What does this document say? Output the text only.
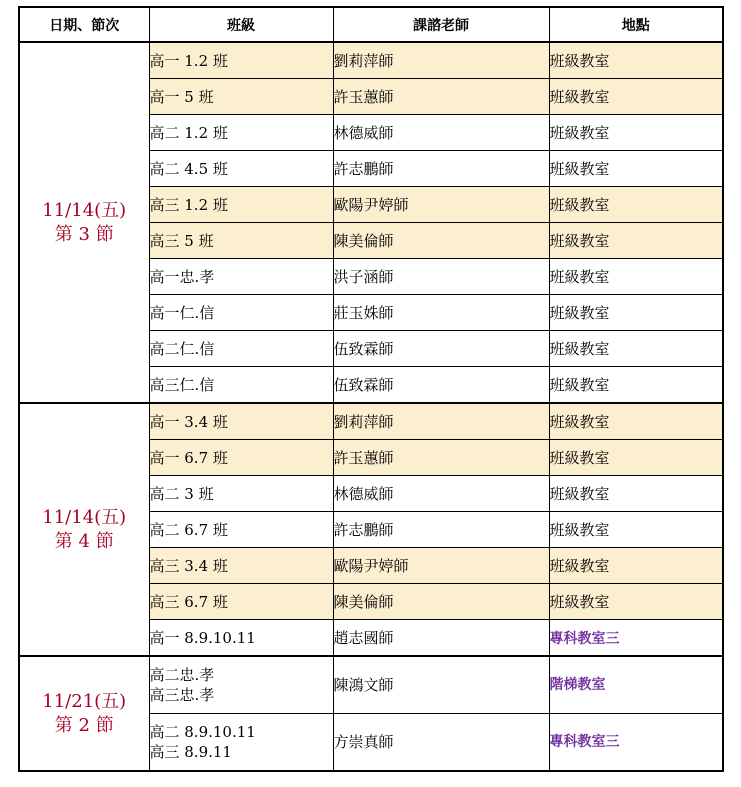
日期、節次	班級	課諮老師	地點

11/14(五)
第 3 節	高一 1.2 班	劉莉萍師	班級教室

	高一 5 班	許玉蕙師	班級教室

	高二 1.2 班	林德威師	班級教室

	高二 4.5 班	許志鵬師	班級教室

	高三 1.2 班	歐陽尹婷師	班級教室

	高三 5 班	陳美倫師	班級教室

	高一忠.孝	洪子涵師	班級教室

	高一仁.信	莊玉姝師	班級教室

	高二仁.信	伍致霖師	班級教室

	高三仁.信	伍致霖師	班級教室

11/14(五)
第 4 節	高一 3.4 班	劉莉萍師	班級教室

	高一 6.7 班	許玉蕙師	班級教室

	高二 3 班	林德威師	班級教室

	高二 6.7 班	許志鵬師	班級教室

	高三 3.4 班	歐陽尹婷師	班級教室

	高三 6.7 班	陳美倫師	班級教室

	高一 8.9.10.11	趙志國師	專科教室三

11/21(五)
第 2 節	高二忠.孝
高三忠.孝	陳鴻文師	階梯教室

	高二 8.9.10.11
高三 8.9.11	方崇真師	專科教室三
